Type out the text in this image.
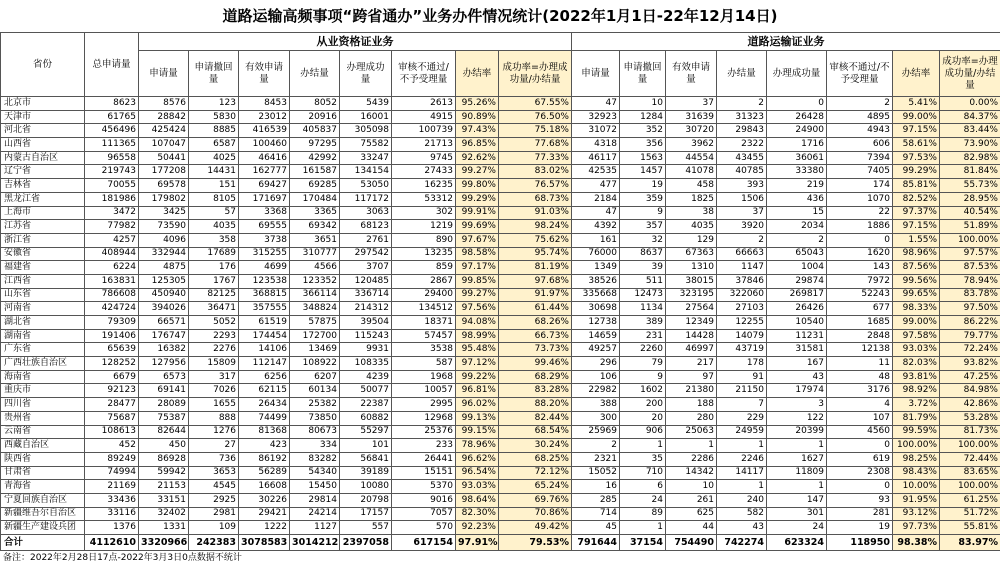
道路运输高频事项“跨省通办”业务办件情况统计(2022年1月1日-22年12月14日)
省份	总申请量	从业资格证业务								道路运输证业务							
		申请量	申请撤回量	有效申请量	办结量	办理成功量	审核不通过/不予受理量	办结率	成功率=办理成功量/办结量	申请量	申请撤回量	有效申请量	办结量	办理成功量	审核不通过/不予受理量	办结率	成功率=办理成功量/办结量
北京市	8623	8576	123	8453	8052	5439	2613	95.26%	67.55%	47	10	37	2	0	2	5.41%	0.00%
天津市	61765	28842	5830	23012	20916	16001	4915	90.89%	76.50%	32923	1284	31639	31323	26428	4895	99.00%	84.37%
河北省	456496	425424	8885	416539	405837	305098	100739	97.43%	75.18%	31072	352	30720	29843	24900	4943	97.15%	83.44%
山西省	111365	107047	6587	100460	97295	75582	21713	96.85%	77.68%	4318	356	3962	2322	1716	606	58.61%	73.90%
内蒙古自治区	96558	50441	4025	46416	42992	33247	9745	92.62%	77.33%	46117	1563	44554	43455	36061	7394	97.53%	82.98%
辽宁省	219743	177208	14431	162777	161587	134154	27433	99.27%	83.02%	42535	1457	41078	40785	33380	7405	99.29%	81.84%
吉林省	70055	69578	151	69427	69285	53050	16235	99.80%	76.57%	477	19	458	393	219	174	85.81%	55.73%
黑龙江省	181986	179802	8105	171697	170484	117172	53312	99.29%	68.73%	2184	359	1825	1506	436	1070	82.52%	28.95%
上海市	3472	3425	57	3368	3365	3063	302	99.91%	91.03%	47	9	38	37	15	22	97.37%	40.54%
江苏省	77982	73590	4035	69555	69342	68123	1219	99.69%	98.24%	4392	357	4035	3920	2034	1886	97.15%	51.89%
浙江省	4257	4096	358	3738	3651	2761	890	97.67%	75.62%	161	32	129	2	2	0	1.55%	100.00%
安徽省	408944	332944	17689	315255	310777	297542	13235	98.58%	95.74%	76000	8637	67363	66663	65043	1620	98.96%	97.57%
福建省	6224	4875	176	4699	4566	3707	859	97.17%	81.19%	1349	39	1310	1147	1004	143	87.56%	87.53%
江西省	163831	125305	1767	123538	123352	120485	2867	99.85%	97.68%	38526	511	38015	37846	29874	7972	99.56%	78.94%
山东省	786608	450940	82125	368815	366114	336714	29400	99.27%	91.97%	335668	12473	323195	322060	269817	52243	99.65%	83.78%
河南省	424724	394026	36471	357555	348824	214312	134512	97.56%	61.44%	30698	1134	27564	27103	26426	677	98.33%	97.50%
湖北省	79309	66571	5052	61519	57875	39504	18371	94.08%	68.26%	12738	389	12349	12255	10540	1685	99.00%	86.22%
湖南省	191406	176747	2293	174454	172700	115243	57457	98.99%	66.73%	14659	231	14428	14079	11231	2848	97.58%	79.77%
广东省	65639	16382	2276	14106	13469	9931	3538	95.48%	73.73%	49257	2260	46997	43719	31581	12138	93.03%	72.24%
广西壮族自治区	128252	127956	15809	112147	108922	108335	587	97.12%	99.46%	296	79	217	178	167	11	82.03%	93.82%
海南省	6679	6573	317	6256	6207	4239	1968	99.22%	68.29%	106	9	97	91	43	48	93.81%	47.25%
重庆市	92123	69141	7026	62115	60134	50077	10057	96.81%	83.28%	22982	1602	21380	21150	17974	3176	98.92%	84.98%
四川省	28477	28089	1655	26434	25382	22387	2995	96.02%	88.20%	388	200	188	7	3	4	3.72%	42.86%
贵州省	75687	75387	888	74499	73850	60882	12968	99.13%	82.44%	300	20	280	229	122	107	81.79%	53.28%
云南省	108613	82644	1276	81368	80673	55297	25376	99.15%	68.54%	25969	906	25063	24959	20399	4560	99.59%	81.73%
西藏自治区	452	450	27	423	334	101	233	78.96%	30.24%	2	1	1	1	1	0	100.00%	100.00%
陕西省	89249	86928	736	86192	83282	56841	26441	96.62%	68.25%	2321	35	2286	2246	1627	619	98.25%	72.44%
甘肃省	74994	59942	3653	56289	54340	39189	15151	96.54%	72.12%	15052	710	14342	14117	11809	2308	98.43%	83.65%
青海省	21169	21153	4545	16608	15450	10080	5370	93.03%	65.24%	16	6	10	1	1	0	10.00%	100.00%
宁夏回族自治区	33436	33151	2925	30226	29814	20798	9016	98.64%	69.76%	285	24	261	240	147	93	91.95%	61.25%
新疆维吾尔自治区	33116	32402	2981	29421	24214	17157	7057	82.30%	70.86%	714	89	625	582	301	281	93.12%	51.72%
新疆生产建设兵团	1376	1331	109	1222	1127	557	570	92.23%	49.42%	45	1	44	43	24	19	97.73%	55.81%
合计	4112610	3320966	242383	3078583	3014212	2397058	617154	97.91%	79.53%	791644	37154	754490	742274	623324	118950	98.38%	83.97%
备注：2022年2月28日17点-2022年3月3日0点数据不统计
